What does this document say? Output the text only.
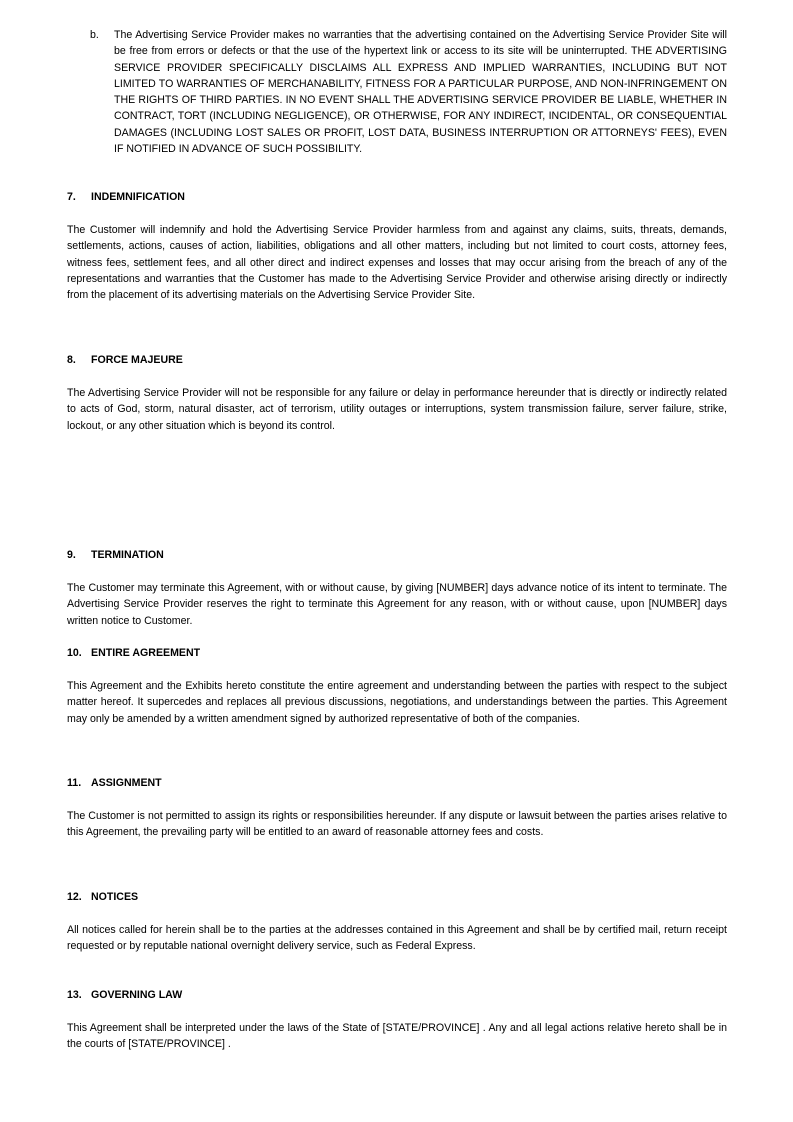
b. The Advertising Service Provider makes no warranties that the advertising contained on the Advertising Service Provider Site will be free from errors or defects or that the use of the hypertext link or access to its site will be uninterrupted. THE ADVERTISING SERVICE PROVIDER SPECIFICALLY DISCLAIMS ALL EXPRESS AND IMPLIED WARRANTIES, INCLUDING BUT NOT LIMITED TO WARRANTIES OF MERCHANABILITY, FITNESS FOR A PARTICULAR PURPOSE, AND NON-INFRINGEMENT ON THE RIGHTS OF THIRD PARTIES. IN NO EVENT SHALL THE ADVERTISING SERVICE PROVIDER BE LIABLE, WHETHER IN CONTRACT, TORT (INCLUDING NEGLIGENCE), OR OTHERWISE, FOR ANY INDIRECT, INCIDENTAL, OR CONSEQUENTIAL DAMAGES (INCLUDING LOST SALES OR PROFIT, LOST DATA, BUSINESS INTERRUPTION OR ATTORNEYS' FEES), EVEN IF NOTIFIED IN ADVANCE OF SUCH POSSIBILITY.

7. INDEMNIFICATION

The Customer will indemnify and hold the Advertising Service Provider harmless from and against any claims, suits, threats, demands, settlements, actions, causes of action, liabilities, obligations and all other matters, including but not limited to court costs, attorney fees, witness fees, settlement fees, and all other direct and indirect expenses and losses that may occur arising from the breach of any of the representations and warranties that the Customer has made to the Advertising Service Provider and otherwise arising directly or indirectly from the placement of its advertising materials on the Advertising Service Provider Site.

8. FORCE MAJEURE

The Advertising Service Provider will not be responsible for any failure or delay in performance hereunder that is directly or indirectly related to acts of God, storm, natural disaster, act of terrorism, utility outages or interruptions, system transmission failure, server failure, strike, lockout, or any other situation which is beyond its control.

9. TERMINATION

The Customer may terminate this Agreement, with or without cause, by giving [NUMBER] days advance notice of its intent to terminate. The Advertising Service Provider reserves the right to terminate this Agreement for any reason, with or without cause, upon [NUMBER] days written notice to Customer.

10. ENTIRE AGREEMENT

This Agreement and the Exhibits hereto constitute the entire agreement and understanding between the parties with respect to the subject matter hereof. It supercedes and replaces all previous discussions, negotiations, and understandings between the parties. This Agreement may only be amended by a written amendment signed by authorized representative of both of the companies.

11. ASSIGNMENT

The Customer is not permitted to assign its rights or responsibilities hereunder. If any dispute or lawsuit between the parties arises relative to this Agreement, the prevailing party will be entitled to an award of reasonable attorney fees and costs.

12. NOTICES

All notices called for herein shall be to the parties at the addresses contained in this Agreement and shall be by certified mail, return receipt requested or by reputable national overnight delivery service, such as Federal Express.

13. GOVERNING LAW

This Agreement shall be interpreted under the laws of the State of [STATE/PROVINCE] . Any and all legal actions relative hereto shall be in the courts of [STATE/PROVINCE] .
